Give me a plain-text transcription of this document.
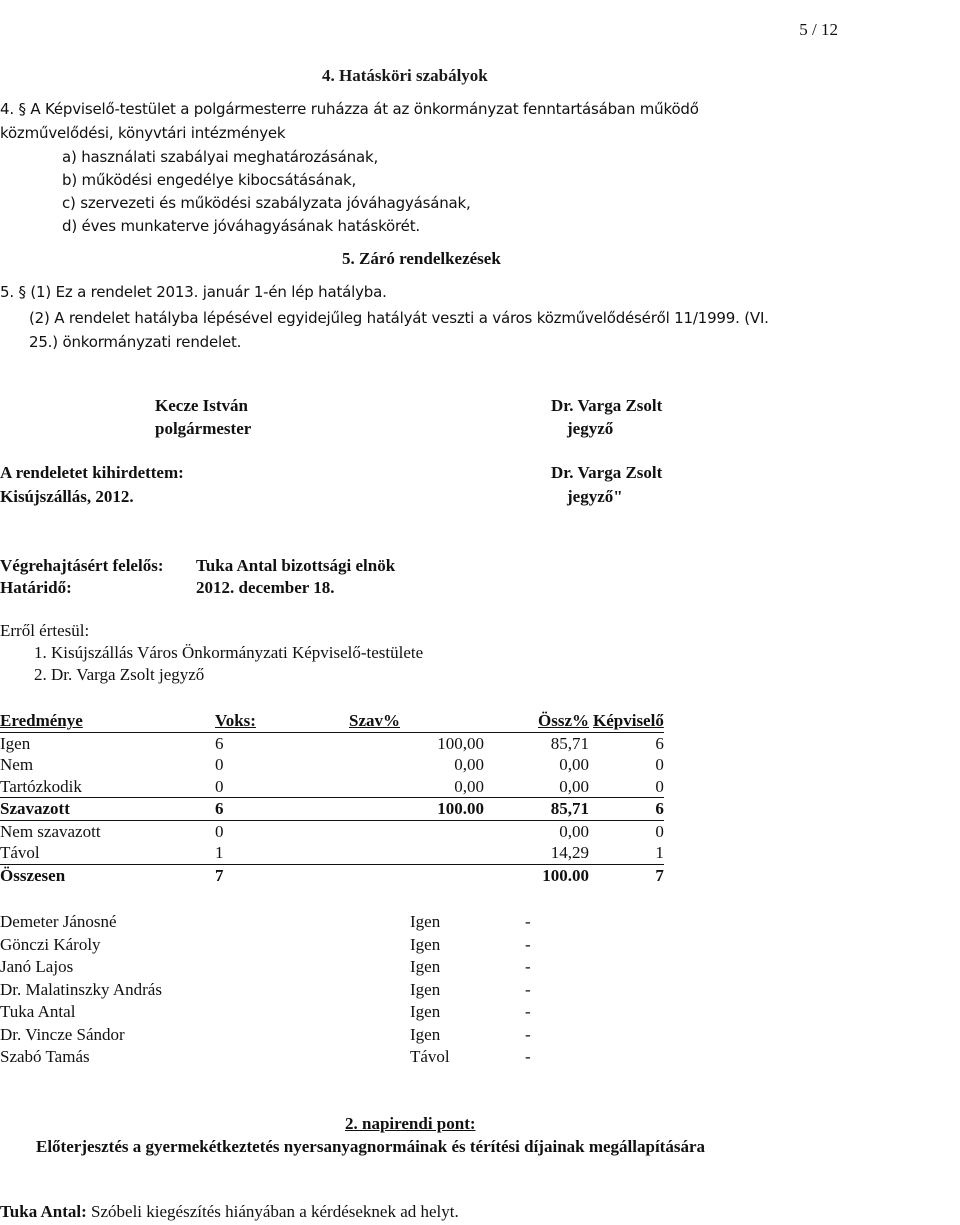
5 / 12
4. Hatásköri szabályok
4. § A Képviselő-testület a polgármesterre ruházza át az önkormányzat fenntartásában működő
közművelődési, könyvtári intézmények
a) használati szabályai meghatározásának,
b) működési engedélye kibocsátásának,
c) szervezeti és működési szabályzata jóváhagyásának,
d) éves munkaterve jóváhagyásának hatáskörét.
5. Záró rendelkezések
5. § (1) Ez a rendelet 2013. január 1-én lép hatályba.
(2) A rendelet hatályba lépésével egyidejűleg hatályát veszti a város közművelődéséről 11/1999. (VI.
25.) önkormányzati rendelet.
Kecze István
polgármester
Dr. Varga Zsolt
jegyző
A rendeletet kihirdettem:
Kisújszállás, 2012.
Dr. Varga Zsolt
jegyző"
Végrehajtásért felelős: Tuka Antal bizottsági elnök
Határidő:	2012. december 18.
Erről értesül:
1. Kisújszállás Város Önkormányzati Képviselő-testülete
2. Dr. Varga Zsolt jegyző
Eredménye	Voks:	Szav%	Össz%	Képviselő
Igen	6	100,00	85,71	6
Nem	0	0,00	0,00	0
Tartózkodik	0	0,00	0,00	0
Szavazott	6	100.00	85,71	6
Nem szavazott	0		0,00	0
Távol	1		14,29	1
Összesen	7		100.00	7
Demeter Jánosné	Igen	-
Gönczi Károly	Igen	-
Janó Lajos	Igen	-
Dr. Malatinszky András	Igen	-
Tuka Antal	Igen	-
Dr. Vincze Sándor	Igen	-
Szabó Tamás	Távol	-
2. napirendi pont:
Előterjesztés a gyermekétkeztetés nyersanyagnormáinak és térítési díjainak megállapítására
Tuka Antal: Szóbeli kiegészítés hiányában a kérdéseknek ad helyt.
